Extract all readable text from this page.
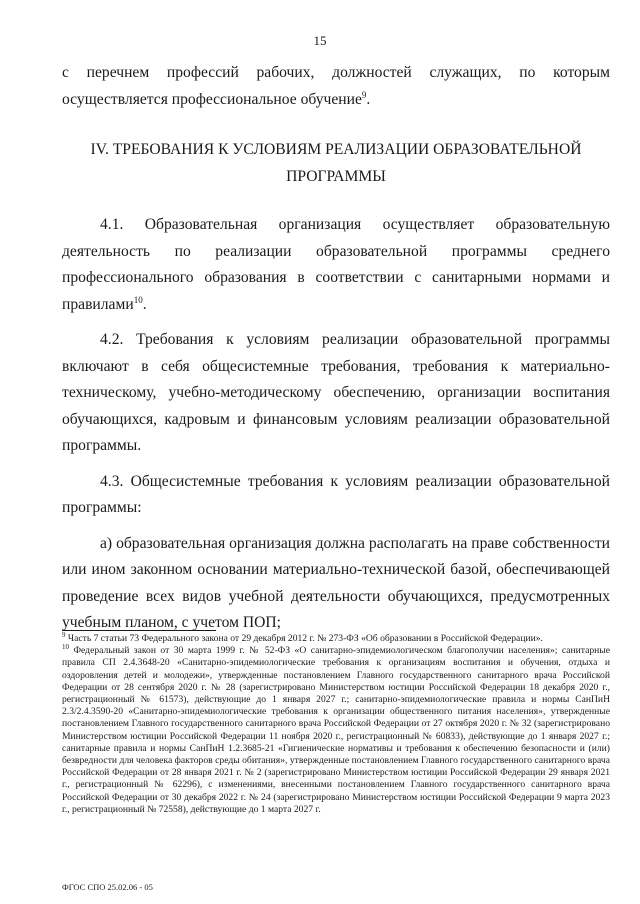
15

с перечнем профессий рабочих, должностей служащих, по которым осуществляется профессиональное обучение$^9$.

IV. ТРЕБОВАНИЯ К УСЛОВИЯМ РЕАЛИЗАЦИИ ОБРАЗОВАТЕЛЬНОЙ

ПРОГРАММЫ

4.1. Образовательная организация осуществляет образовательную деятельность по реализации образовательной программы среднего профессионального образования в соответствии с санитарными нормами и правилами$^{10}$.

4.2. Требования к условиям реализации образовательной программы включают в себя общесистемные требования, требования к материально-техническому, учебно-методическому обеспечению, организации воспитания обучающихся, кадровым и финансовым условиям реализации образовательной программы.

4.3. Общесистемные требования к условиям реализации образовательной программы:

а) образовательная организация должна располагать на праве собственности или ином законном основании материально-технической базой, обеспечивающей проведение всех видов учебной деятельности обучающихся, предусмотренных учебным планом, с учетом ПОП;

$^9$ Часть 7 статьи 73 Федерального закона от 29 декабря 2012 г. № 273-ФЗ «Об образовании в Российской Федерации».

$^{10}$ Федеральный закон от 30 марта 1999 г. № 52-ФЗ «О санитарно-эпидемиологическом благополучии населения»; санитарные правила СП 2.4.3648-20 «Санитарно-эпидемиологические требования к организациям воспитания и обучения, отдыха и оздоровления детей и молодежи», утвержденные постановлением Главного государственного санитарного врача Российской Федерации от 28 сентября 2020 г. № 28 (зарегистрировано Министерством юстиции Российской Федерации 18 декабря 2020 г., регистрационный № 61573), действующие до 1 января 2027 г.; санитарно-эпидемиологические правила и нормы СанПиН 2.3/2.4.3590-20 «Санитарно-эпидемиологические требования к организации общественного питания населения», утвержденные постановлением Главного государственного санитарного врача Российской Федерации от 27 октября 2020 г. № 32 (зарегистрировано Министерством юстиции Российской Федерации 11 ноября 2020 г., регистрационный № 60833), действующие до 1 января 2027 г.; санитарные правила и нормы СанПиН 1.2.3685-21 «Гигиенические нормативы и требования к обеспечению безопасности и (или) безвредности для человека факторов среды обитания», утвержденные постановлением Главного государственного санитарного врача Российской Федерации от 28 января 2021 г. № 2 (зарегистрировано Министерством юстиции Российской Федерации 29 января 2021 г., регистрационный № 62296), с изменениями, внесенными постановлением Главного государственного санитарного врача Российской Федерации от 30 декабря 2022 г. № 24 (зарегистрировано Министерством юстиции Российской Федерации 9 марта 2023 г., регистрационный № 72558), действующие до 1 марта 2027 г.

ФГОС СПО 25.02.06 - 05
